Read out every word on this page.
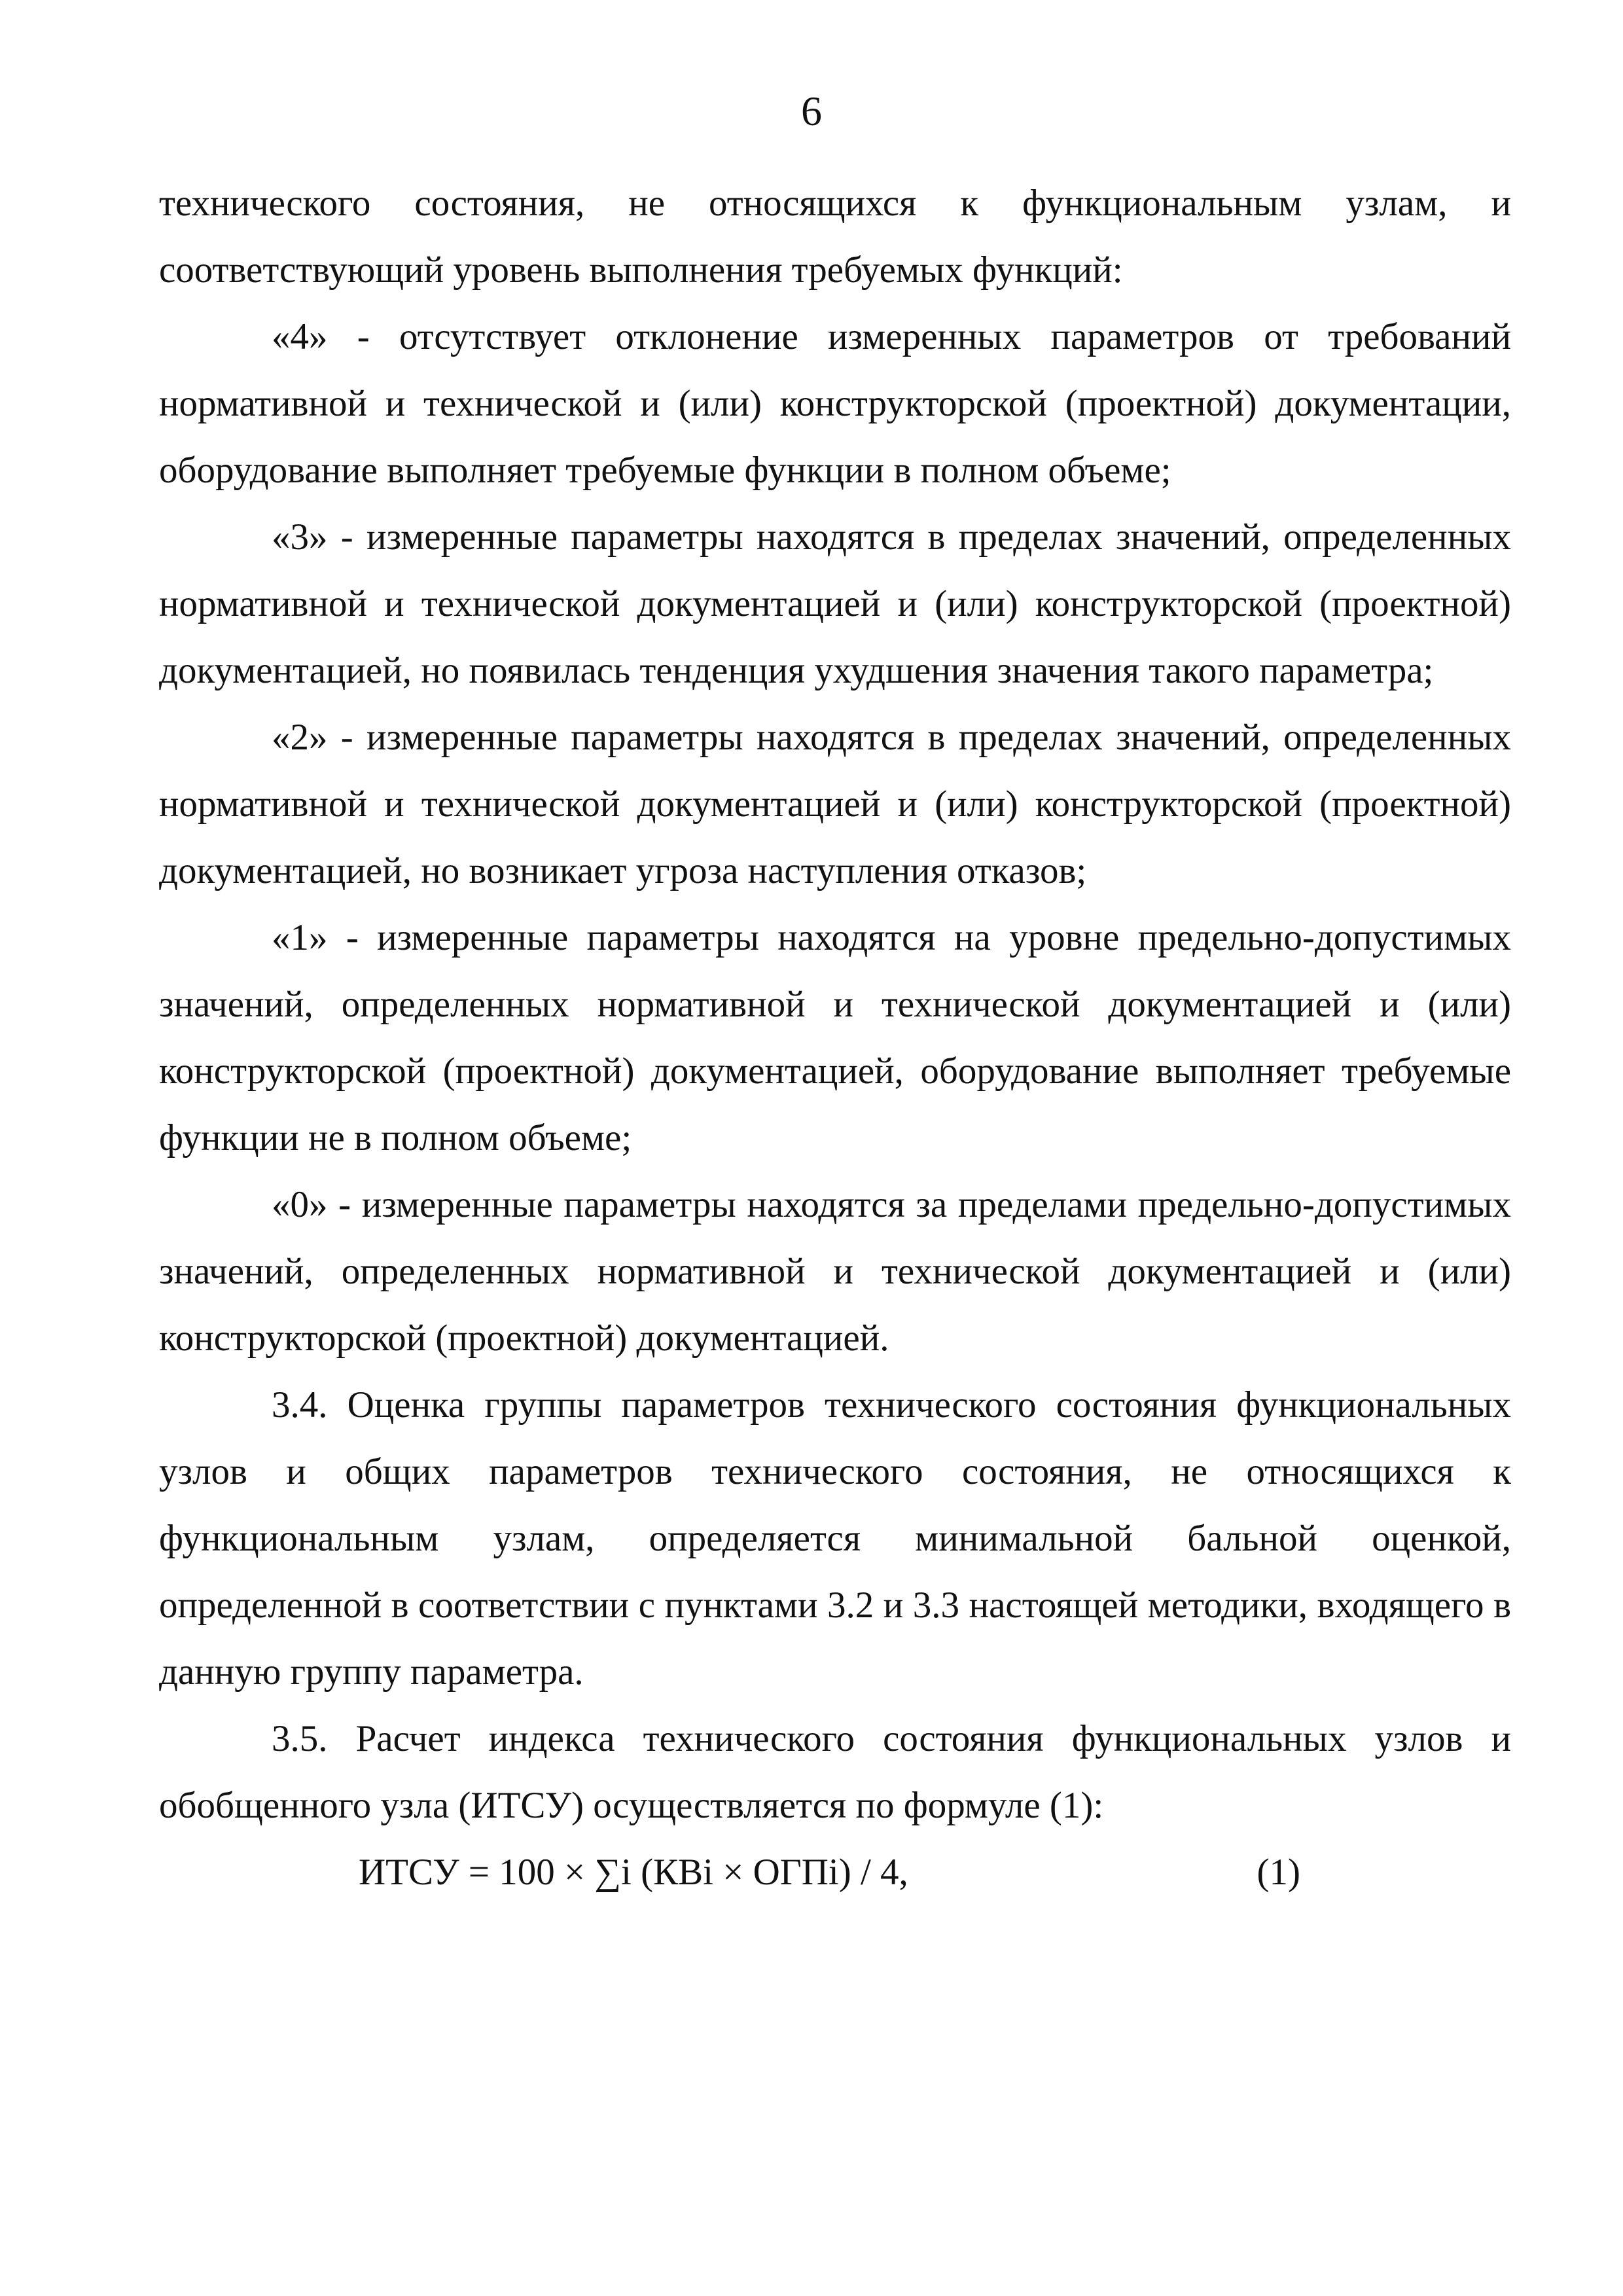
6

технического состояния, не относящихся к функциональным узлам, и соответствующий уровень выполнения требуемых функций:

«4» - отсутствует отклонение измеренных параметров от требований нормативной и технической и (или) конструкторской (проектной) документации, оборудование выполняет требуемые функции в полном объеме;

«3» - измеренные параметры находятся в пределах значений, определенных нормативной и технической документацией и (или) конструкторской (проектной) документацией, но появилась тенденция ухудшения значения такого параметра;

«2» - измеренные параметры находятся в пределах значений, определенных нормативной и технической документацией и (или) конструкторской (проектной) документацией, но возникает угроза наступления отказов;

«1» - измеренные параметры находятся на уровне предельно-допустимых значений, определенных нормативной и технической документацией и (или) конструкторской (проектной) документацией, оборудование выполняет требуемые функции не в полном объеме;

«0» - измеренные параметры находятся за пределами предельно-допустимых значений, определенных нормативной и технической документацией и (или) конструкторской (проектной) документацией.

3.4. Оценка группы параметров технического состояния функциональных узлов и общих параметров технического состояния, не относящихся к функциональным узлам, определяется минимальной бальной оценкой, определенной в соответствии с пунктами 3.2 и 3.3 настоящей методики, входящего в данную группу параметра.

3.5. Расчет индекса технического состояния функциональных узлов и обобщенного узла (ИТСУ) осуществляется по формуле (1):

ИТСУ = 100 × ∑i (КВi × ОГПi) / 4,	(1)
